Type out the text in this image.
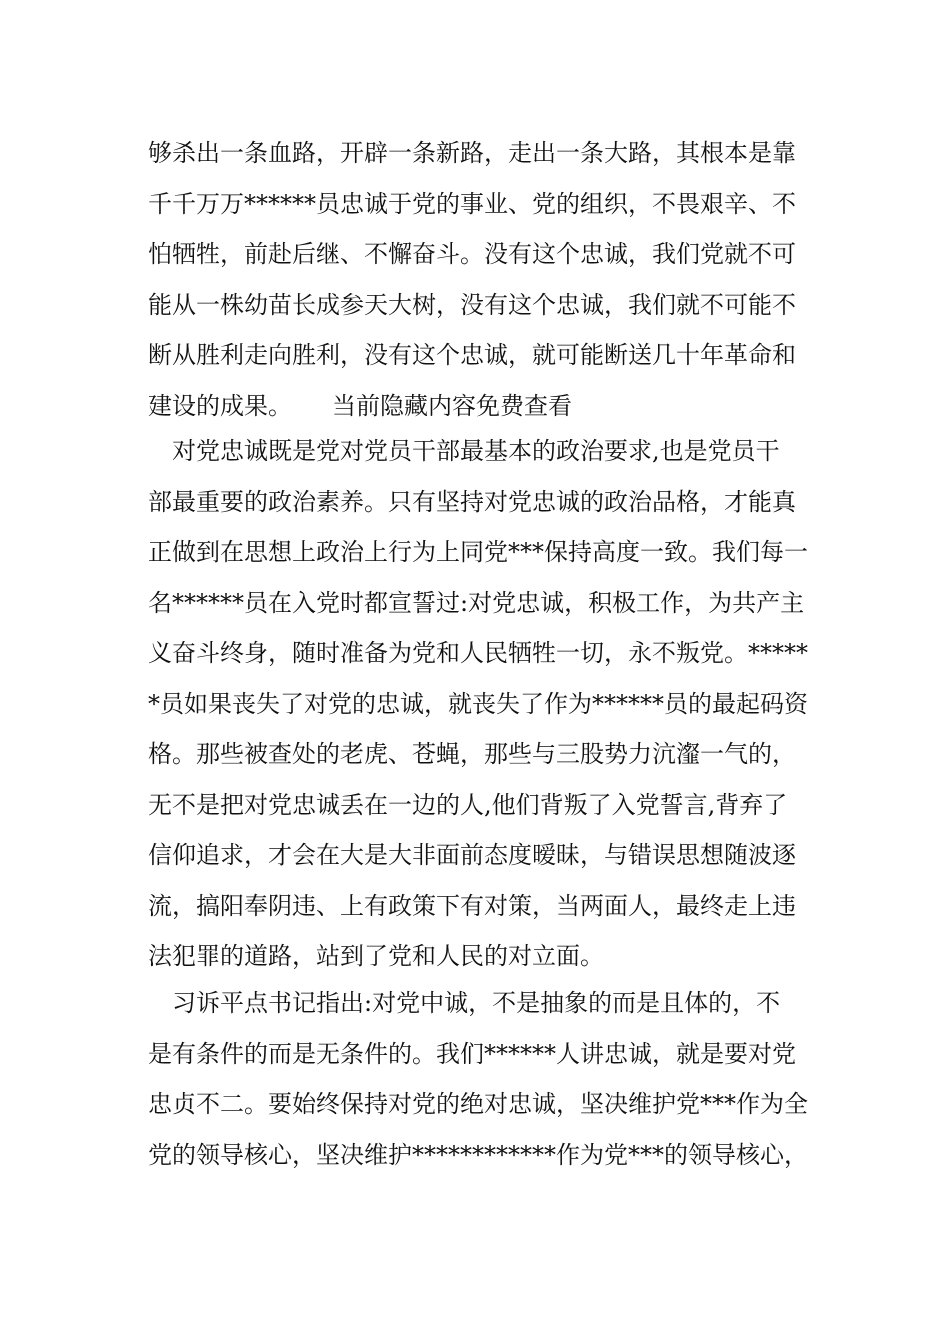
够杀出一条血路，开辟一条新路，走出一条大路，其根本是靠
千千万万******员忠诚于党的事业、党的组织，不畏艰辛、不
怕牺牲，前赴后继、不懈奋斗。没有这个忠诚，我们党就不可
能从一株幼苗长成参天大树，没有这个忠诚，我们就不可能不
断从胜利走向胜利，没有这个忠诚，就可能断送几十年革命和
建设的成果。 当前隐藏内容免费查看
　对党忠诚既是党对党员干部最基本的政治要求,也是党员干
部最重要的政治素养。只有坚持对党忠诚的政治品格，才能真
正做到在思想上政治上行为上同党***保持高度一致。我们每一
名******员在入党时都宣誓过:对党忠诚，积极工作，为共产主
义奋斗终身，随时准备为党和人民牺牲一切，永不叛党。*****
*员如果丧失了对党的忠诚，就丧失了作为******员的最起码资
格。那些被查处的老虎、苍蝇，那些与三股势力沆瀣一气的，
无不是把对党忠诚丢在一边的人,他们背叛了入党誓言,背弃了
信仰追求，才会在大是大非面前态度暧昧，与错误思想随波逐
流，搞阳奉阴违、上有政策下有对策，当两面人，最终走上违
法犯罪的道路，站到了党和人民的对立面。
　习诉平点书记指出:对党中诚，不是抽象的而是且体的，不
是有条件的而是无条件的。我们******人讲忠诚，就是要对党
忠贞不二。要始终保持对党的绝对忠诚，坚决维护党***作为全
党的领导核心，坚决维护************作为党***的领导核心，
